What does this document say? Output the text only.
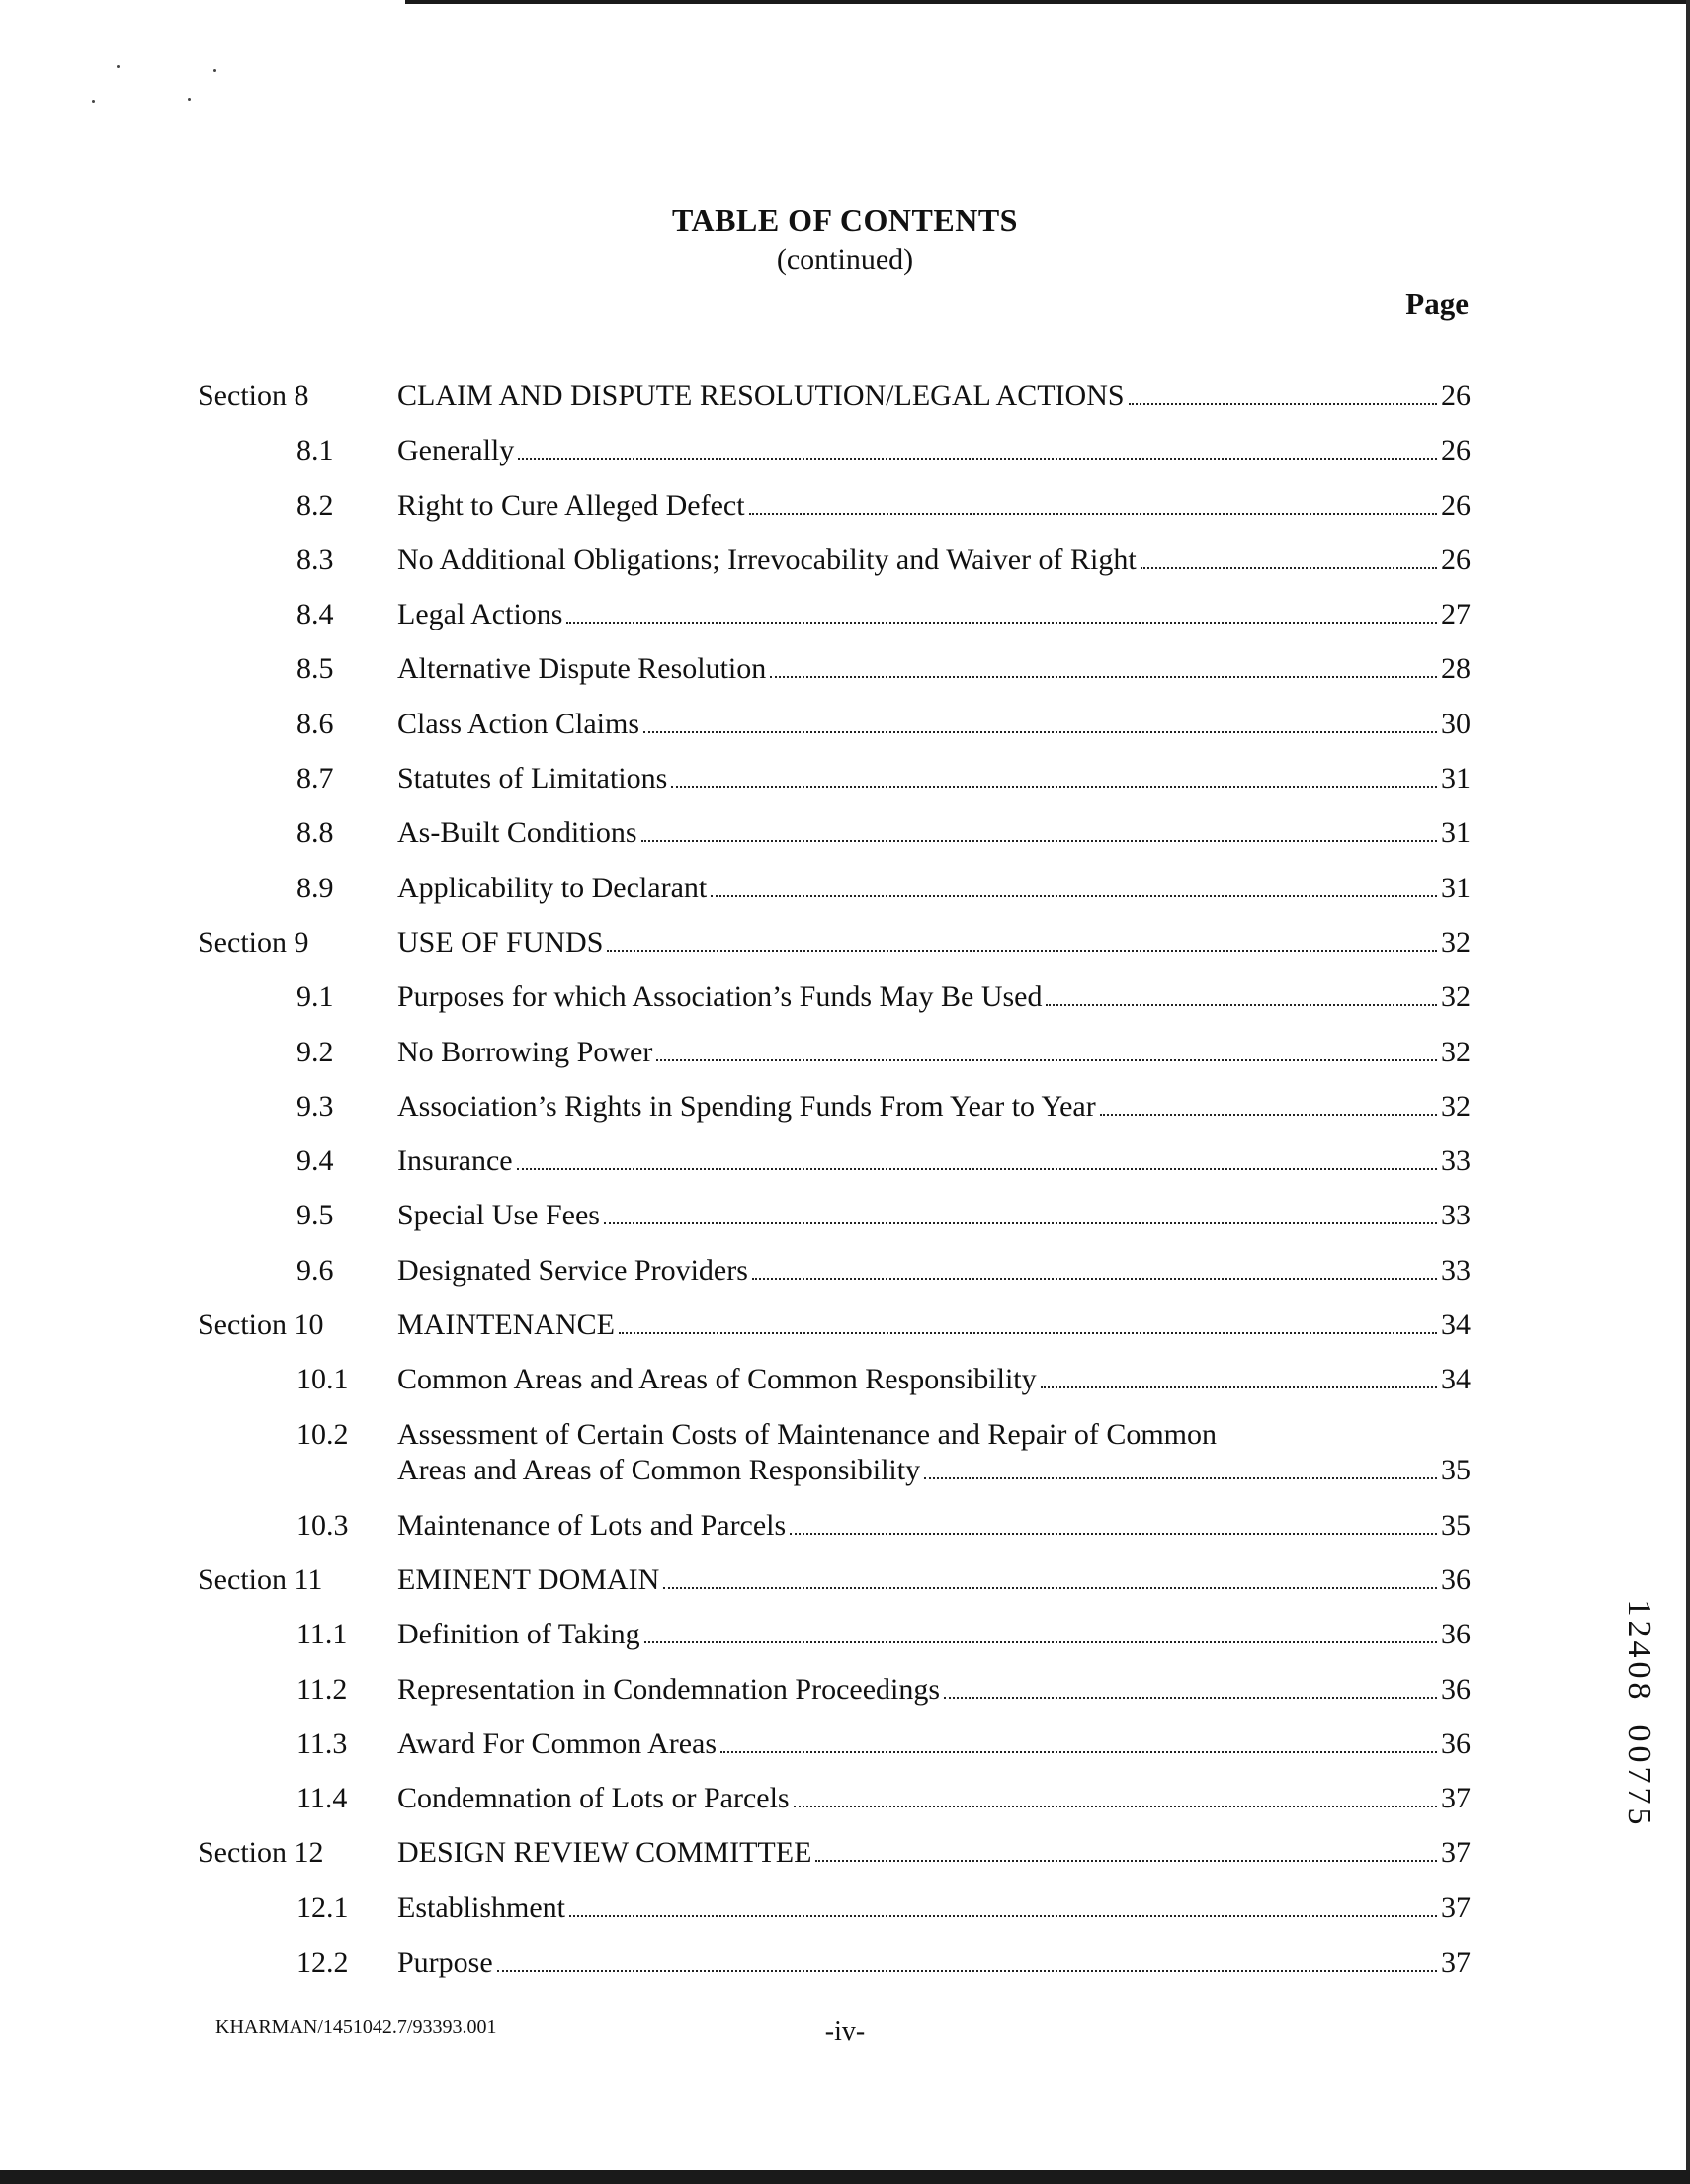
TABLE OF CONTENTS
(continued)
Page
Section 8	CLAIM AND DISPUTE RESOLUTION/LEGAL ACTIONS	26
8.1 Generally	26
8.2 Right to Cure Alleged Defect	26
8.3 No Additional Obligations; Irrevocability and Waiver of Right	26
8.4 Legal Actions	27
8.5 Alternative Dispute Resolution	28
8.6 Class Action Claims	30
8.7 Statutes of Limitations	31
8.8 As-Built Conditions	31
8.9 Applicability to Declarant	31
Section 9	USE OF FUNDS	32
9.1 Purposes for which Association’s Funds May Be Used	32
9.2 No Borrowing Power	32
9.3 Association’s Rights in Spending Funds From Year to Year	32
9.4 Insurance	33
9.5 Special Use Fees	33
9.6 Designated Service Providers	33
Section 10 MAINTENANCE	34
10.1 Common Areas and Areas of Common Responsibility	34
10.2 Assessment of Certain Costs of Maintenance and Repair of Common
Areas and Areas of Common Responsibility	35
10.3 Maintenance of Lots and Parcels	35
Section 11	EMINENT DOMAIN	36
11.1 Definition of Taking	36
11.2 Representation in Condemnation Proceedings	36
11.3 Award For Common Areas	36
11.4 Condemnation of Lots or Parcels	37
Section 12 DESIGN REVIEW COMMITTEE	37
12.1 Establishment	37
12.2 Purpose	37
KHARMAN/1451042.7/93393.001	-iv-
1
2
4
0
8
0
0
7
7
5
